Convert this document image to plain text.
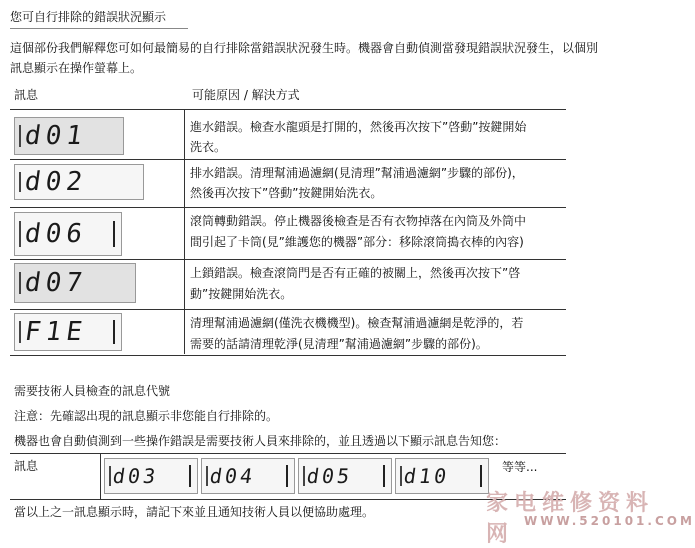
您可自行排除的錯誤狀況顯示
這個部份我們解釋您可如何最簡易的自行排除當錯誤狀況發生時。機器會自動偵測當發現錯誤狀況發生，以個別
訊息顯示在操作螢幕上。
訊息	可能原因 / 解決方式
d01	進水錯誤。檢查水龍頭是打開的，然後再次按下”啓動”按鍵開始
洗衣。
d02	排水錯誤。清理幫浦過濾網(見清理”幫浦過濾網”步驟的部份)，
然後再次按下”啓動”按鍵開始洗衣。
d06	滾筒轉動錯誤。停止機器後檢查是否有衣物掉落在內筒及外筒中
間引起了卡筒(見”維護您的機器”部分：移除滾筒搗衣棒的內容)
d07	上鎖錯誤。檢查滾筒門是否有正確的被關上，然後再次按下”啓
動”按鍵開始洗衣。
F1E	清理幫浦過濾網(僅洗衣機機型)。檢查幫浦過濾網是乾淨的，若
需要的話請清理乾淨(見清理”幫浦過濾網”步驟的部份)。
需要技術人員檢查的訊息代號
注意：先確認出現的訊息顯示非您能自行排除的。
機器也會自動偵測到一些操作錯誤是需要技術人員來排除的，並且透過以下顯示訊息告知您：
訊息	d03	d04	d05	d10	等等...
當以上之一訊息顯示時，請記下來並且通知技術人員以便協助處理。	家电维修资料网 WWW.520101.COM
